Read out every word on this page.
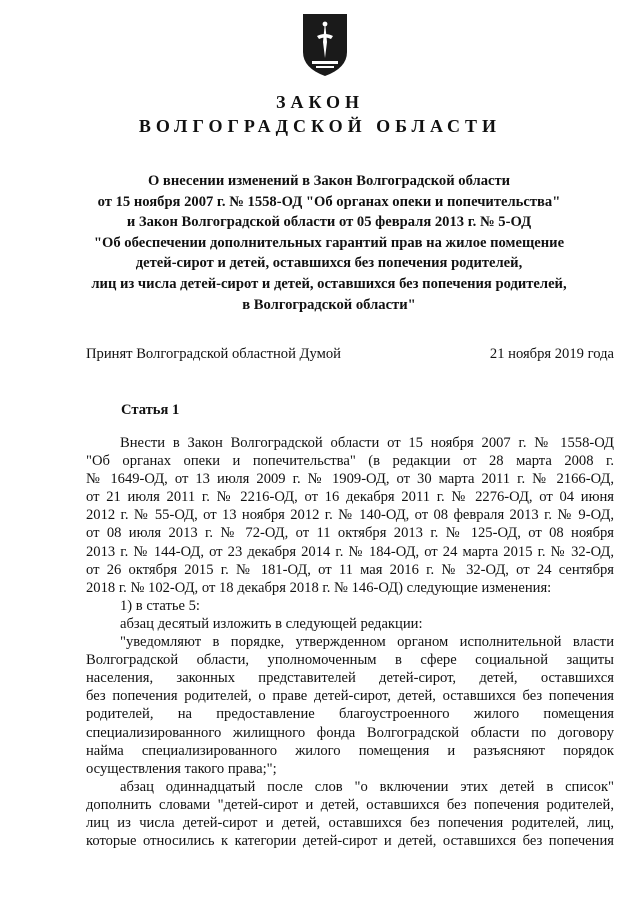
ЗАКОН
ВОЛГОГРАДСКОЙ ОБЛАСТИ
О внесении изменений в Закон Волгоградской области
от 15 ноября 2007 г. № 1558-ОД "Об органах опеки и попечительства"
и Закон Волгоградской области от 05 февраля 2013 г. № 5-ОД
"Об обеспечении дополнительных гарантий прав на жилое помещение
детей-сирот и детей, оставшихся без попечения родителей,
лиц из числа детей-сирот и детей, оставшихся без попечения родителей,
в Волгоградской области"
Принят Волгоградской областной Думой	21 ноября 2019 года
Статья 1
Внести в Закон Волгоградской области от 15 ноября 2007 г. № 1558-ОД
"Об органах опеки и попечительства" (в редакции от 28 марта 2008 г.
№ 1649-ОД, от 13 июля 2009 г. № 1909-ОД, от 30 марта 2011 г. № 2166-ОД,
от 21 июля 2011 г. № 2216-ОД, от 16 декабря 2011 г. № 2276-ОД, от 04 июня
2012 г. № 55-ОД, от 13 ноября 2012 г. № 140-ОД, от 08 февраля 2013 г. № 9-ОД,
от 08 июля 2013 г. № 72-ОД, от 11 октября 2013 г. № 125-ОД, от 08 ноября
2013 г. № 144-ОД, от 23 декабря 2014 г. № 184-ОД, от 24 марта 2015 г. № 32-ОД,
от 26 октября 2015 г. № 181-ОД, от 11 мая 2016 г. № 32-ОД, от 24 сентября
2018 г. № 102-ОД, от 18 декабря 2018 г. № 146-ОД) следующие изменения:
1) в статье 5:
абзац десятый изложить в следующей редакции:
"уведомляют в порядке, утвержденном органом исполнительной власти
Волгоградской области, уполномоченным в сфере социальной защиты
населения, законных представителей детей-сирот, детей, оставшихся
без попечения родителей, о праве детей-сирот, детей, оставшихся без попечения
родителей, на предоставление благоустроенного жилого помещения
специализированного жилищного фонда Волгоградской области по договору
найма специализированного жилого помещения и разъясняют порядок
осуществления такого права;";
абзац одиннадцатый после слов "о включении этих детей в список"
дополнить словами "детей-сирот и детей, оставшихся без попечения родителей,
лиц из числа детей-сирот и детей, оставшихся без попечения родителей, лиц,
которые относились к категории детей-сирот и детей, оставшихся без попечения
